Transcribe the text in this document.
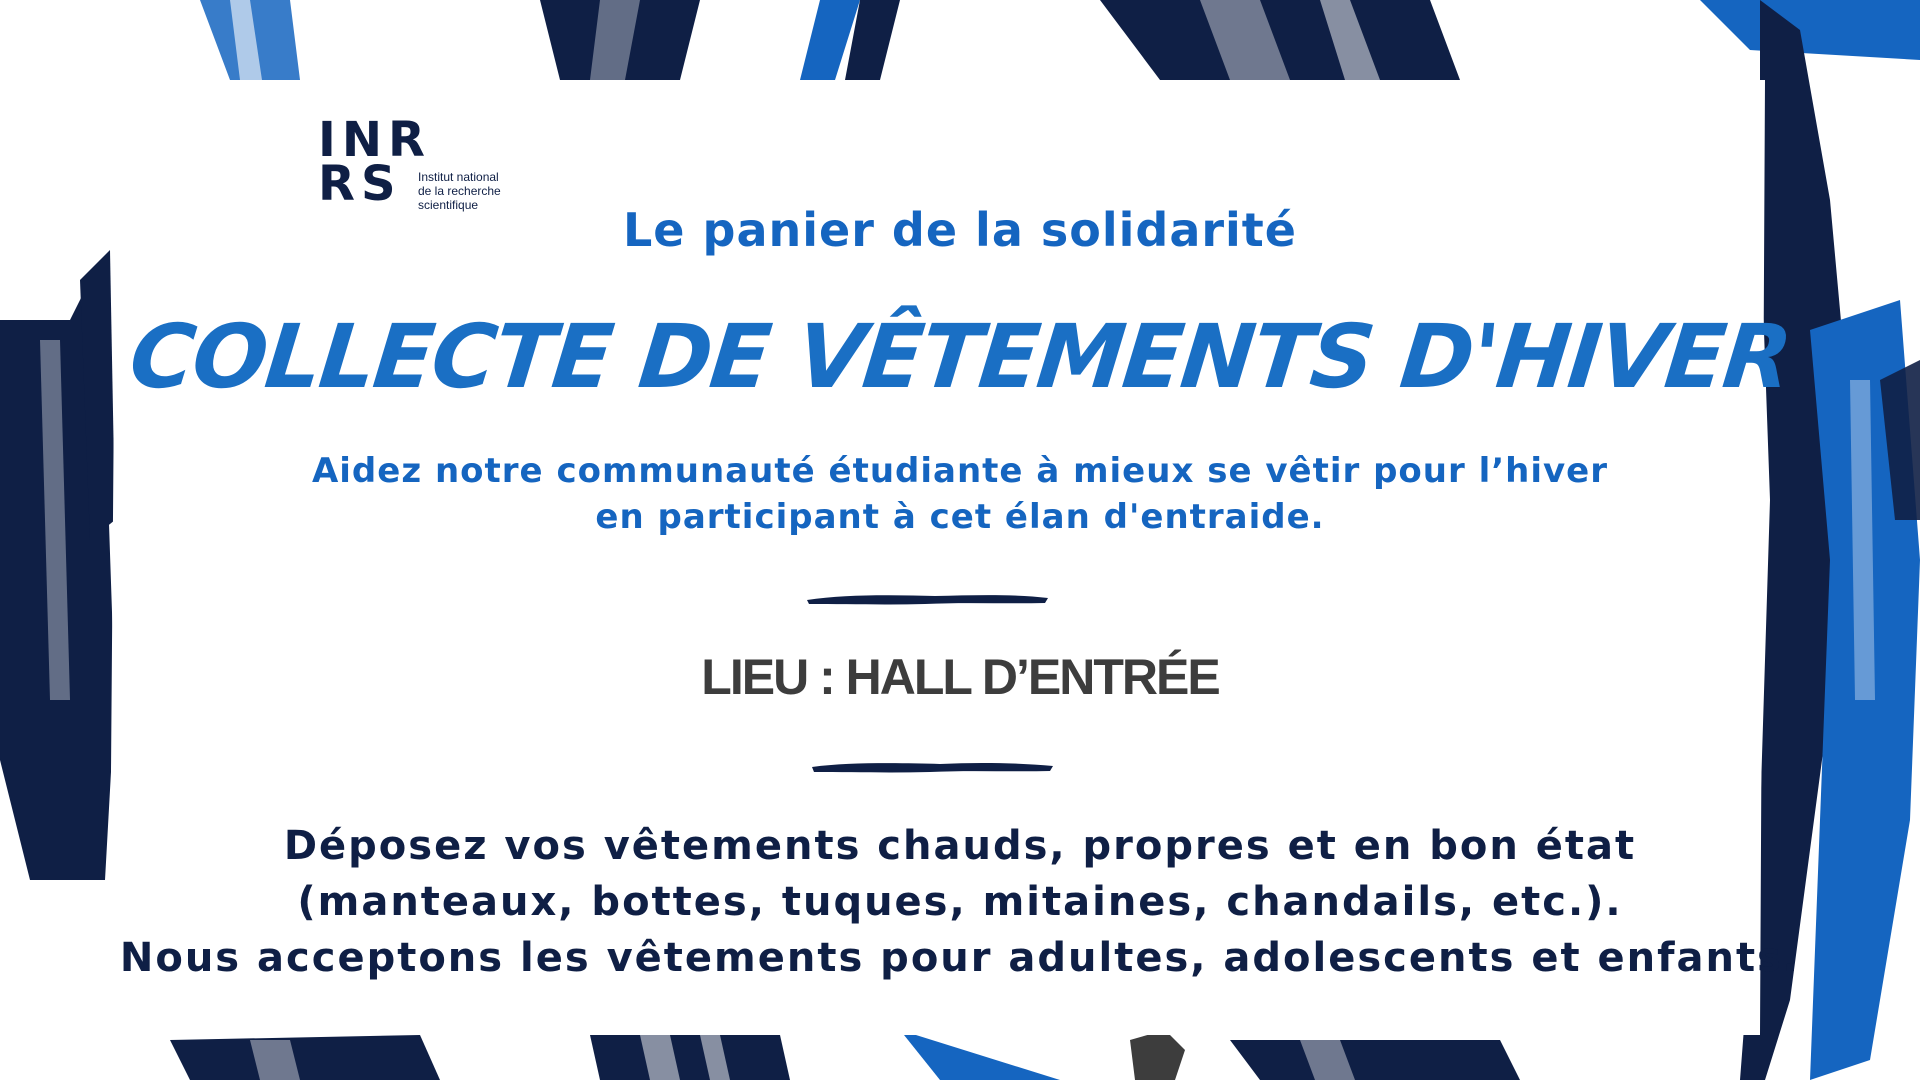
INR
RS	Institut national
de la recherche
scientifique	Le panier de la solidarité

COLLECTE DE VÊTEMENTS D'HIVER

Aidez notre communauté étudiante à mieux se vêtir pour l’hiver
en participant à cet élan d'entraide.

LIEU : HALL D’ENTRÉE

Déposez vos vêtements chauds, propres et en bon état
(manteaux, bottes, tuques, mitaines, chandails, etc.).
Nous acceptons les vêtements pour adultes, adolescents et enfants.
